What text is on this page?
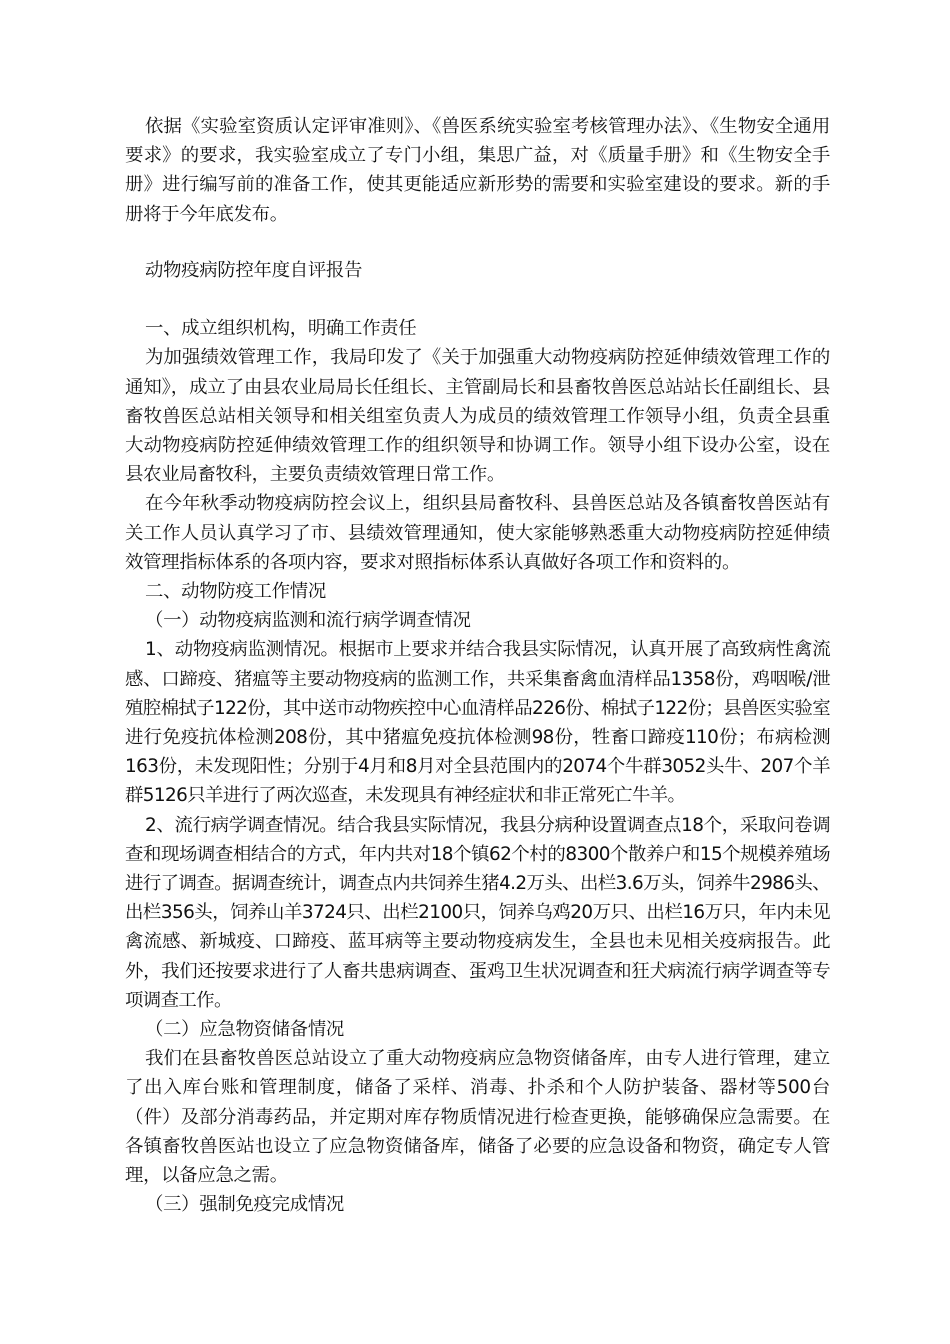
依据《实验室资质认定评审准则》、《兽医系统实验室考核管理办法》、《生物安全通用要求》的要求，我实验室成立了专门小组，集思广益，对《质量手册》和《生物安全手册》进行编写前的准备工作，使其更能适应新形势的需要和实验室建设的要求。新的手册将于今年底发布。

动物疫病防控年度自评报告

一、成立组织机构，明确工作责任

为加强绩效管理工作，我局印发了《关于加强重大动物疫病防控延伸绩效管理工作的通知》，成立了由县农业局局长任组长、主管副局长和县畜牧兽医总站站长任副组长、县畜牧兽医总站相关领导和相关组室负责人为成员的绩效管理工作领导小组，负责全县重大动物疫病防控延伸绩效管理工作的组织领导和协调工作。领导小组下设办公室，设在县农业局畜牧科，主要负责绩效管理日常工作。

在今年秋季动物疫病防控会议上，组织县局畜牧科、县兽医总站及各镇畜牧兽医站有关工作人员认真学习了市、县绩效管理通知，使大家能够熟悉重大动物疫病防控延伸绩效管理指标体系的各项内容，要求对照指标体系认真做好各项工作和资料的。

二、动物防疫工作情况

（一）动物疫病监测和流行病学调查情况

1、动物疫病监测情况。根据市上要求并结合我县实际情况，认真开展了高致病性禽流感、口蹄疫、猪瘟等主要动物疫病的监测工作，共采集畜禽血清样品1358份，鸡咽喉/泄殖腔棉拭子122份，其中送市动物疾控中心血清样品226份、棉拭子122份；县兽医实验室进行免疫抗体检测208份，其中猪瘟免疫抗体检测98份，牲畜口蹄疫110份；布病检测163份，未发现阳性；分别于4月和8月对全县范围内的2074个牛群3052头牛、207个羊群5126只羊进行了两次巡查，未发现具有神经症状和非正常死亡牛羊。

2、流行病学调查情况。结合我县实际情况，我县分病种设置调查点18个，采取问卷调查和现场调查相结合的方式，年内共对18个镇62个村的8300个散养户和15个规模养殖场进行了调查。据调查统计，调查点内共饲养生猪4.2万头、出栏3.6万头，饲养牛2986头、出栏356头，饲养山羊3724只、出栏2100只，饲养乌鸡20万只、出栏16万只，年内未见禽流感、新城疫、口蹄疫、蓝耳病等主要动物疫病发生，全县也未见相关疫病报告。此外，我们还按要求进行了人畜共患病调查、蛋鸡卫生状况调查和狂犬病流行病学调查等专项调查工作。

（二）应急物资储备情况

我们在县畜牧兽医总站设立了重大动物疫病应急物资储备库，由专人进行管理，建立了出入库台账和管理制度，储备了采样、消毒、扑杀和个人防护装备、器材等500台（件）及部分消毒药品，并定期对库存物质情况进行检查更换，能够确保应急需要。在各镇畜牧兽医站也设立了应急物资储备库，储备了必要的应急设备和物资，确定专人管理，以备应急之需。

（三）强制免疫完成情况
